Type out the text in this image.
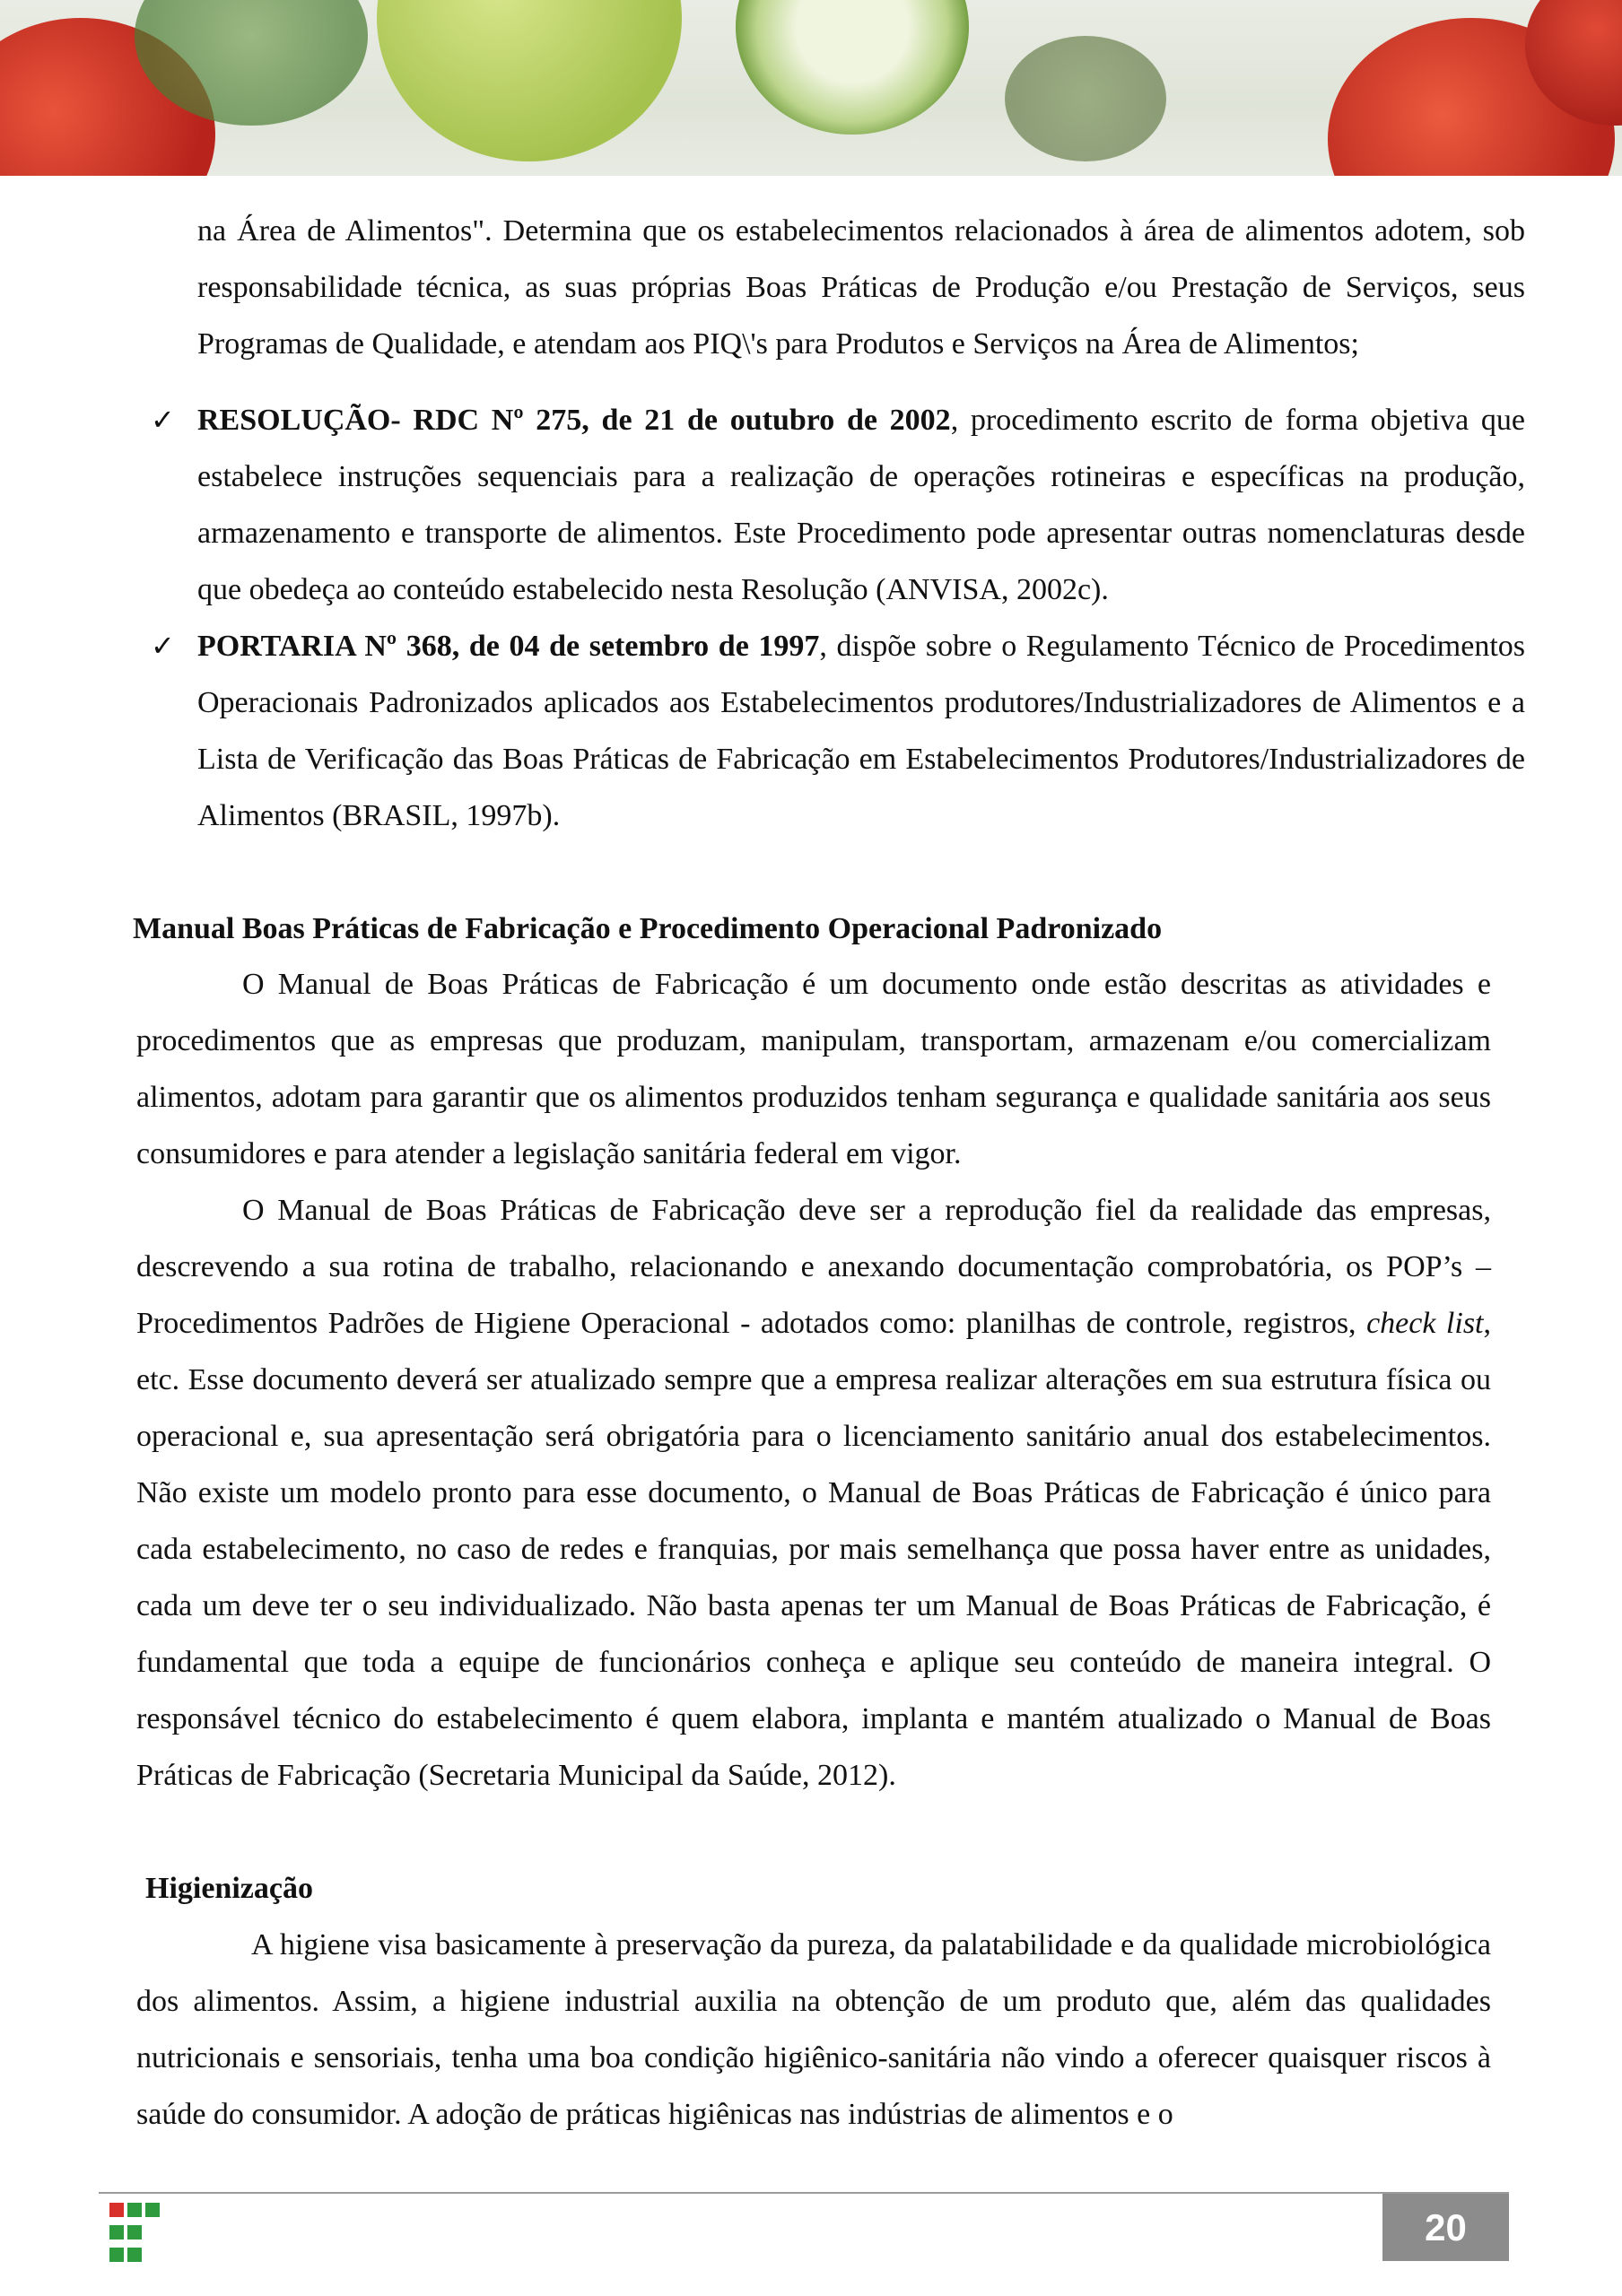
na Área de Alimentos". Determina que os estabelecimentos relacionados à área de alimentos adotem, sob responsabilidade técnica, as suas próprias Boas Práticas de Produção e/ou Prestação de Serviços, seus Programas de Qualidade, e atendam aos PIQ\'s para Produtos e Serviços na Área de Alimentos;

✓ RESOLUÇÃO- RDC Nº 275, de 21 de outubro de 2002, procedimento escrito de forma objetiva que estabelece instruções sequenciais para a realização de operações rotineiras e específicas na produção, armazenamento e transporte de alimentos. Este Procedimento pode apresentar outras nomenclaturas desde que obedeça ao conteúdo estabelecido nesta Resolução (ANVISA, 2002c).

✓ PORTARIA Nº 368, de 04 de setembro de 1997, dispõe sobre o Regulamento Técnico de Procedimentos Operacionais Padronizados aplicados aos Estabelecimentos produtores/Industrializadores de Alimentos e a Lista de Verificação das Boas Práticas de Fabricação em Estabelecimentos Produtores/Industrializadores de Alimentos (BRASIL, 1997b).

Manual Boas Práticas de Fabricação e Procedimento Operacional Padronizado

O Manual de Boas Práticas de Fabricação é um documento onde estão descritas as atividades e procedimentos que as empresas que produzam, manipulam, transportam, armazenam e/ou comercializam alimentos, adotam para garantir que os alimentos produzidos tenham segurança e qualidade sanitária aos seus consumidores e para atender a legislação sanitária federal em vigor.

O Manual de Boas Práticas de Fabricação deve ser a reprodução fiel da realidade das empresas, descrevendo a sua rotina de trabalho, relacionando e anexando documentação comprobatória, os POP’s – Procedimentos Padrões de Higiene Operacional - adotados como: planilhas de controle, registros, check list, etc. Esse documento deverá ser atualizado sempre que a empresa realizar alterações em sua estrutura física ou operacional e, sua apresentação será obrigatória para o licenciamento sanitário anual dos estabelecimentos. Não existe um modelo pronto para esse documento, o Manual de Boas Práticas de Fabricação é único para cada estabelecimento, no caso de redes e franquias, por mais semelhança que possa haver entre as unidades, cada um deve ter o seu individualizado. Não basta apenas ter um Manual de Boas Práticas de Fabricação, é fundamental que toda a equipe de funcionários conheça e aplique seu conteúdo de maneira integral. O responsável técnico do estabelecimento é quem elabora, implanta e mantém atualizado o Manual de Boas Práticas de Fabricação (Secretaria Municipal da Saúde, 2012).

Higienização

A higiene visa basicamente à preservação da pureza, da palatabilidade e da qualidade microbiológica dos alimentos. Assim, a higiene industrial auxilia na obtenção de um produto que, além das qualidades nutricionais e sensoriais, tenha uma boa condição higiênico-sanitária não vindo a oferecer quaisquer riscos à saúde do consumidor. A adoção de práticas higiênicas nas indústrias de alimentos e o

20
